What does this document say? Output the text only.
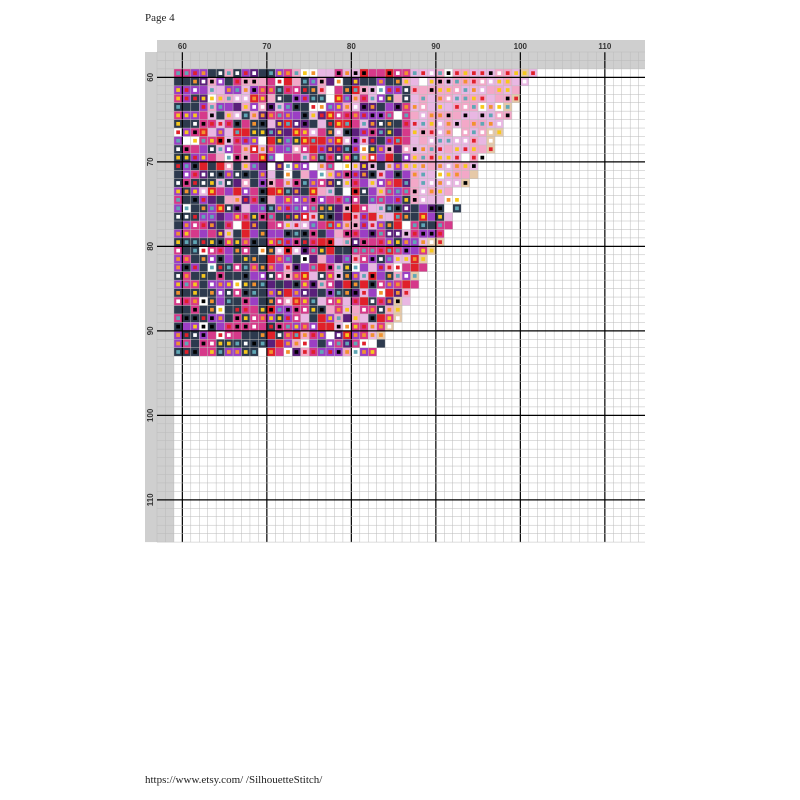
Page 4
60	70	80	90	100	110
60
70
80
90
100
110
https://www.etsy.com/ /SilhouetteStitch/
